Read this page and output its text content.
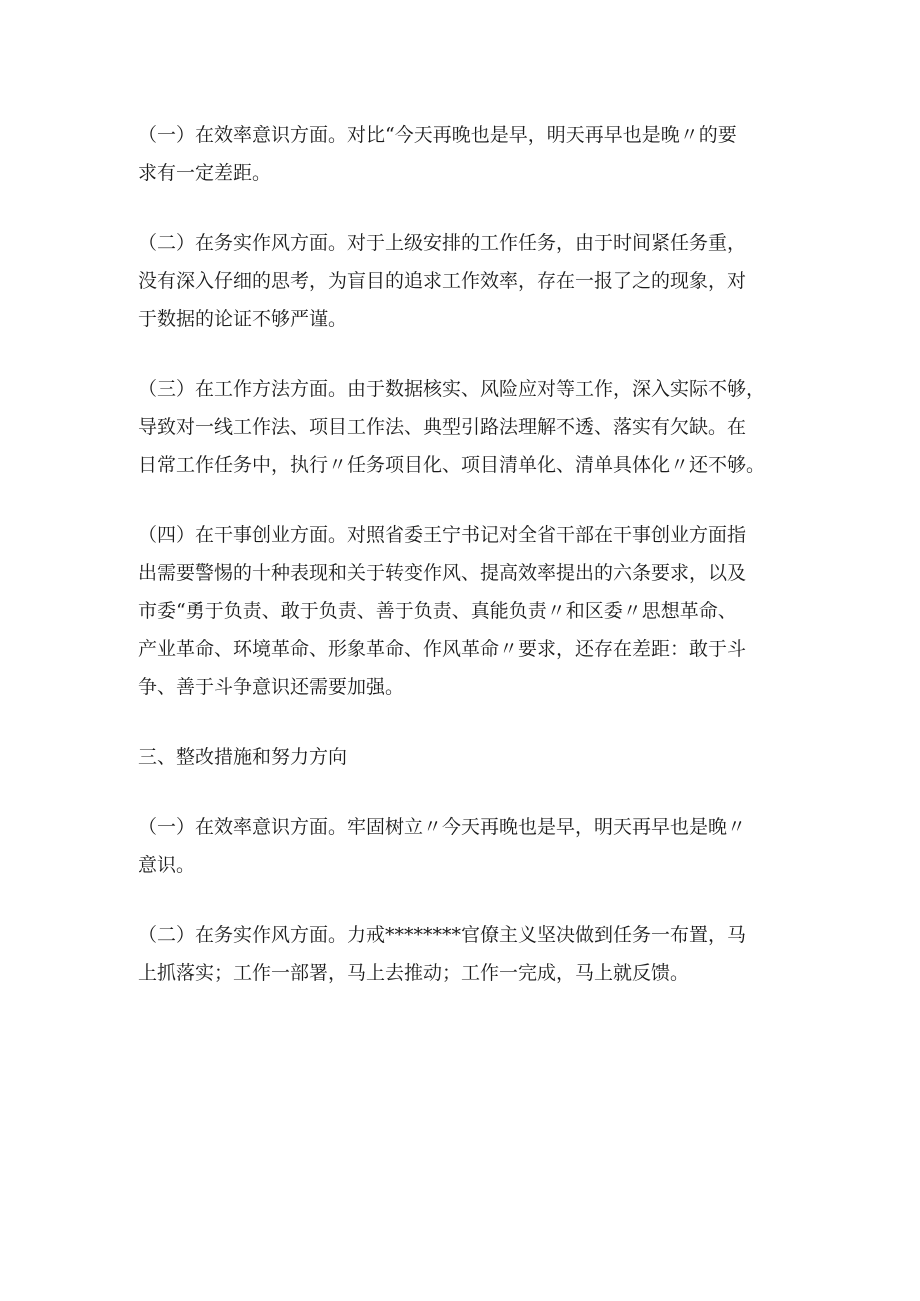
（一）在效率意识方面。对比“今天再晚也是早，明天再早也是晚〃的要
求有一定差距。

（二）在务实作风方面。对于上级安排的工作任务，由于时间紧任务重，
没有深入仔细的思考，为盲目的追求工作效率，存在一报了之的现象，对
于数据的论证不够严谨。

（三）在工作方法方面。由于数据核实、风险应对等工作，深入实际不够，
导致对一线工作法、项目工作法、典型引路法理解不透、落实有欠缺。在
日常工作任务中，执行〃任务项目化、项目清单化、清单具体化〃还不够。

（四）在干事创业方面。对照省委王宁书记对全省干部在干事创业方面指
出需要警惕的十种表现和关于转变作风、提高效率提出的六条要求，以及
市委“勇于负责、敢于负责、善于负责、真能负责〃和区委〃思想革命、
产业革命、环境革命、形象革命、作风革命〃要求，还存在差距：敢于斗
争、善于斗争意识还需要加强。

三、整改措施和努力方向

（一）在效率意识方面。牢固树立〃今天再晚也是早，明天再早也是晚〃
意识。

（二）在务实作风方面。力戒********官僚主义坚决做到任务一布置，马
上抓落实；工作一部署，马上去推动；工作一完成，马上就反馈。
